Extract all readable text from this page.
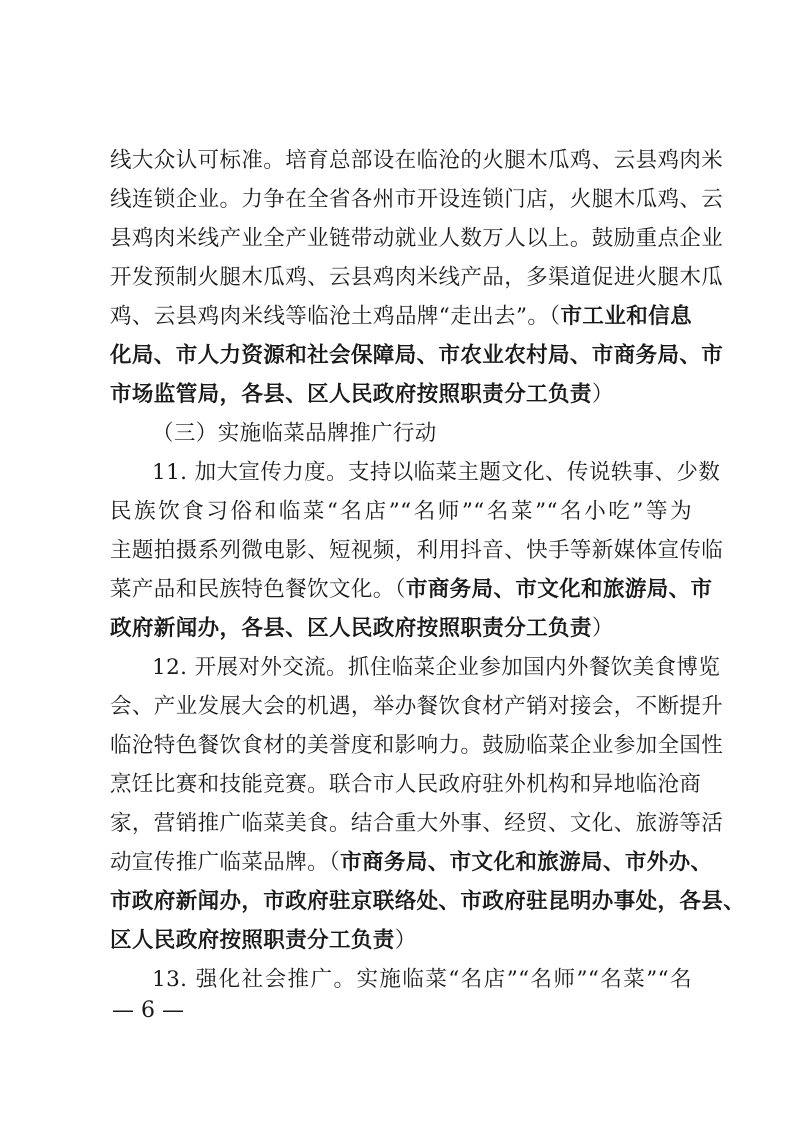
线大众认可标准。培育总部设在临沧的火腿木瓜鸡、云县鸡肉米
线连锁企业。力争在全省各州市开设连锁门店，火腿木瓜鸡、云
县鸡肉米线产业全产业链带动就业人数万人以上。鼓励重点企业
开发预制火腿木瓜鸡、云县鸡肉米线产品，多渠道促进火腿木瓜
鸡、云县鸡肉米线等临沧土鸡品牌“走出去”。（市工业和信息
化局、市人力资源和社会保障局、市农业农村局、市商务局、市
市场监管局，各县、区人民政府按照职责分工负责）
（三）实施临菜品牌推广行动
11. 加大宣传力度。支持以临菜主题文化、传说轶事、少数
民族饮食习俗和临菜“名店”“名师”“名菜”“名小吃”等为
主题拍摄系列微电影、短视频，利用抖音、快手等新媒体宣传临
菜产品和民族特色餐饮文化。（市商务局、市文化和旅游局、市
政府新闻办，各县、区人民政府按照职责分工负责）
12. 开展对外交流。抓住临菜企业参加国内外餐饮美食博览
会、产业发展大会的机遇，举办餐饮食材产销对接会，不断提升
临沧特色餐饮食材的美誉度和影响力。鼓励临菜企业参加全国性
烹饪比赛和技能竞赛。联合市人民政府驻外机构和异地临沧商
家，营销推广临菜美食。结合重大外事、经贸、文化、旅游等活
动宣传推广临菜品牌。（市商务局、市文化和旅游局、市外办、
市政府新闻办，市政府驻京联络处、市政府驻昆明办事处，各县、
区人民政府按照职责分工负责）
13. 强化社会推广。实施临菜“名店”“名师”“名菜”“名
— 6 —
